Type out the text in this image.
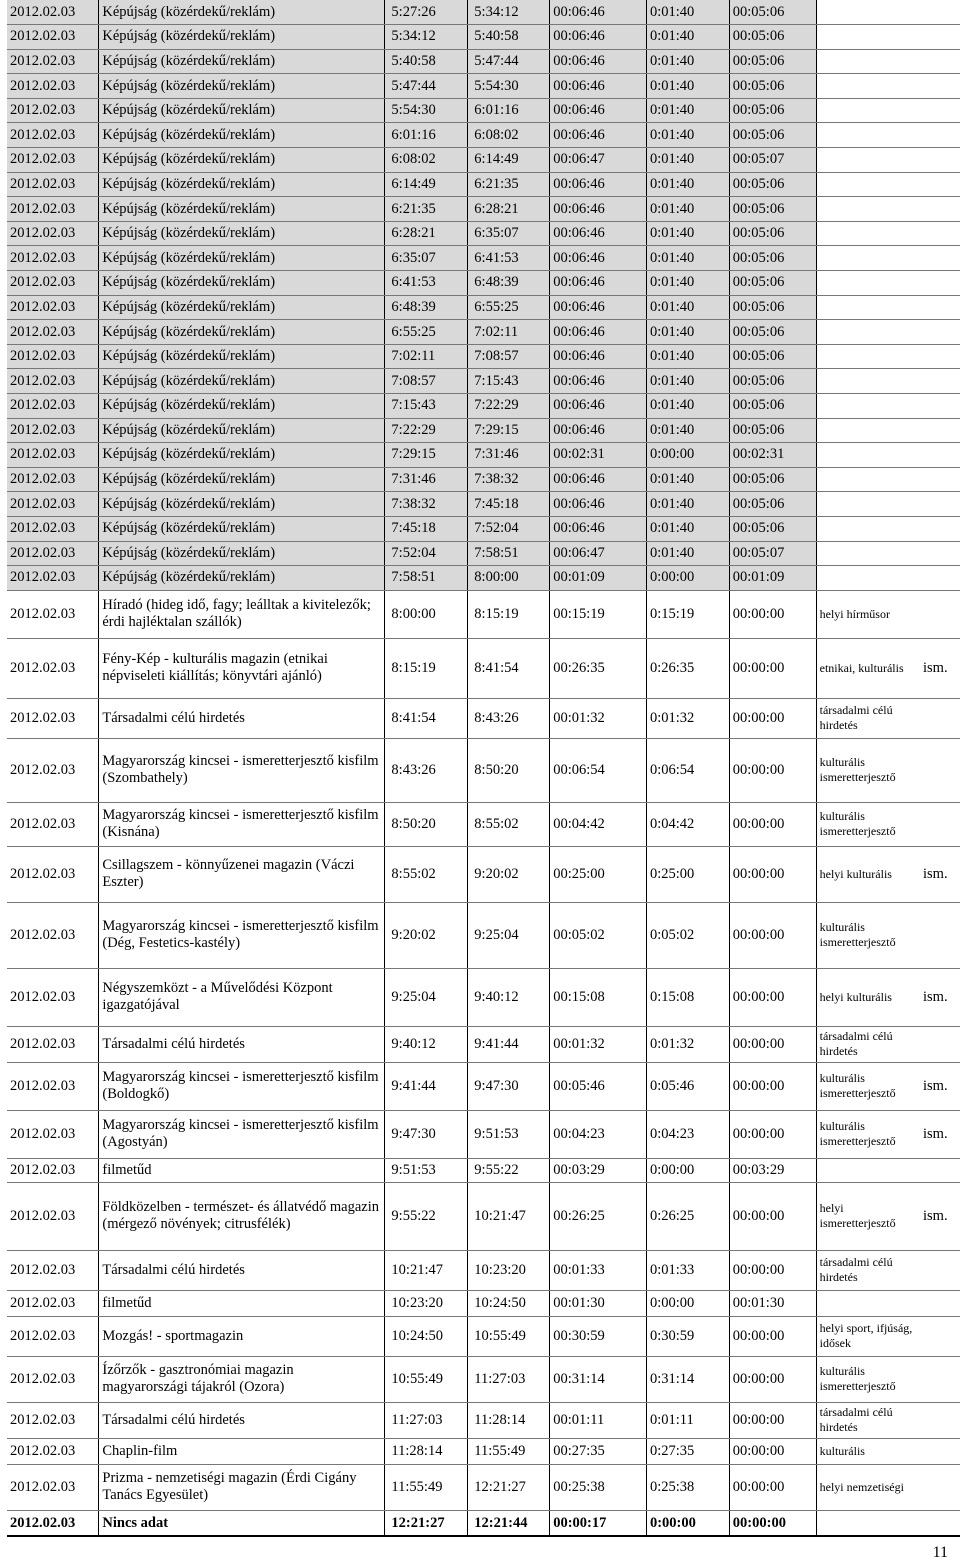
2012.02.03	Képújság (közérdekű/reklám)	5:27:26	5:34:12	00:06:46	0:01:40	00:05:06		
2012.02.03	Képújság (közérdekű/reklám)	5:34:12	5:40:58	00:06:46	0:01:40	00:05:06		
2012.02.03	Képújság (közérdekű/reklám)	5:40:58	5:47:44	00:06:46	0:01:40	00:05:06		
2012.02.03	Képújság (közérdekű/reklám)	5:47:44	5:54:30	00:06:46	0:01:40	00:05:06		
2012.02.03	Képújság (közérdekű/reklám)	5:54:30	6:01:16	00:06:46	0:01:40	00:05:06		
2012.02.03	Képújság (közérdekű/reklám)	6:01:16	6:08:02	00:06:46	0:01:40	00:05:06		
2012.02.03	Képújság (közérdekű/reklám)	6:08:02	6:14:49	00:06:47	0:01:40	00:05:07		
2012.02.03	Képújság (közérdekű/reklám)	6:14:49	6:21:35	00:06:46	0:01:40	00:05:06		
2012.02.03	Képújság (közérdekű/reklám)	6:21:35	6:28:21	00:06:46	0:01:40	00:05:06		
2012.02.03	Képújság (közérdekű/reklám)	6:28:21	6:35:07	00:06:46	0:01:40	00:05:06		
2012.02.03	Képújság (közérdekű/reklám)	6:35:07	6:41:53	00:06:46	0:01:40	00:05:06		
2012.02.03	Képújság (közérdekű/reklám)	6:41:53	6:48:39	00:06:46	0:01:40	00:05:06		
2012.02.03	Képújság (közérdekű/reklám)	6:48:39	6:55:25	00:06:46	0:01:40	00:05:06		
2012.02.03	Képújság (közérdekű/reklám)	6:55:25	7:02:11	00:06:46	0:01:40	00:05:06		
2012.02.03	Képújság (közérdekű/reklám)	7:02:11	7:08:57	00:06:46	0:01:40	00:05:06		
2012.02.03	Képújság (közérdekű/reklám)	7:08:57	7:15:43	00:06:46	0:01:40	00:05:06		
2012.02.03	Képújság (közérdekű/reklám)	7:15:43	7:22:29	00:06:46	0:01:40	00:05:06		
2012.02.03	Képújság (közérdekű/reklám)	7:22:29	7:29:15	00:06:46	0:01:40	00:05:06		
2012.02.03	Képújság (közérdekű/reklám)	7:29:15	7:31:46	00:02:31	0:00:00	00:02:31		
2012.02.03	Képújság (közérdekű/reklám)	7:31:46	7:38:32	00:06:46	0:01:40	00:05:06		
2012.02.03	Képújság (közérdekű/reklám)	7:38:32	7:45:18	00:06:46	0:01:40	00:05:06		
2012.02.03	Képújság (közérdekű/reklám)	7:45:18	7:52:04	00:06:46	0:01:40	00:05:06		
2012.02.03	Képújság (közérdekű/reklám)	7:52:04	7:58:51	00:06:47	0:01:40	00:05:07		
2012.02.03	Képújság (közérdekű/reklám)	7:58:51	8:00:00	00:01:09	0:00:00	00:01:09		
2012.02.03	Híradó (hideg idő, fagy; leálltak a kivitelezők; érdi hajléktalan szállók)	8:00:00	8:15:19	00:15:19	0:15:19	00:00:00	helyi hírműsor	
2012.02.03	Fény-Kép - kulturális magazin (etnikai népviseleti kiállítás; könyvtári ajánló)	8:15:19	8:41:54	00:26:35	0:26:35	00:00:00	etnikai, kulturális	ism.
2012.02.03	Társadalmi célú hirdetés	8:41:54	8:43:26	00:01:32	0:01:32	00:00:00	társadalmi célú hirdetés	
2012.02.03	Magyarország kincsei - ismeretterjesztő kisfilm (Szombathely)	8:43:26	8:50:20	00:06:54	0:06:54	00:00:00	kulturális ismeretterjesztő	
2012.02.03	Magyarország kincsei - ismeretterjesztő kisfilm (Kisnána)	8:50:20	8:55:02	00:04:42	0:04:42	00:00:00	kulturális ismeretterjesztő	
2012.02.03	Csillagszem - könnyűzenei magazin (Váczi Eszter)	8:55:02	9:20:02	00:25:00	0:25:00	00:00:00	helyi kulturális	ism.
2012.02.03	Magyarország kincsei - ismeretterjesztő kisfilm (Dég, Festetics-kastély)	9:20:02	9:25:04	00:05:02	0:05:02	00:00:00	kulturális ismeretterjesztő	
2012.02.03	Négyszemközt - a Művelődési Központ igazgatójával	9:25:04	9:40:12	00:15:08	0:15:08	00:00:00	helyi kulturális	ism.
2012.02.03	Társadalmi célú hirdetés	9:40:12	9:41:44	00:01:32	0:01:32	00:00:00	társadalmi célú hirdetés	
2012.02.03	Magyarország kincsei - ismeretterjesztő kisfilm (Boldogkő)	9:41:44	9:47:30	00:05:46	0:05:46	00:00:00	kulturális ismeretterjesztő	ism.
2012.02.03	Magyarország kincsei - ismeretterjesztő kisfilm (Agostyán)	9:47:30	9:51:53	00:04:23	0:04:23	00:00:00	kulturális ismeretterjesztő	ism.
2012.02.03	filmetűd	9:51:53	9:55:22	00:03:29	0:00:00	00:03:29		
2012.02.03	Földközelben - természet- és állatvédő magazin (mérgező növények; citrusfélék)	9:55:22	10:21:47	00:26:25	0:26:25	00:00:00	helyi ismeretterjesztő	ism.
2012.02.03	Társadalmi célú hirdetés	10:21:47	10:23:20	00:01:33	0:01:33	00:00:00	társadalmi célú hirdetés	
2012.02.03	filmetűd	10:23:20	10:24:50	00:01:30	0:00:00	00:01:30		
2012.02.03	Mozgás! - sportmagazin	10:24:50	10:55:49	00:30:59	0:30:59	00:00:00	helyi sport, ifjúság, idősek	
2012.02.03	Ízőrzők - gasztronómiai magazin magyarországi tájakról (Ozora)	10:55:49	11:27:03	00:31:14	0:31:14	00:00:00	kulturális ismeretterjesztő	
2012.02.03	Társadalmi célú hirdetés	11:27:03	11:28:14	00:01:11	0:01:11	00:00:00	társadalmi célú hirdetés	
2012.02.03	Chaplin-film	11:28:14	11:55:49	00:27:35	0:27:35	00:00:00	kulturális	
2012.02.03	Prizma - nemzetiségi magazin (Érdi Cigány Tanács Egyesület)	11:55:49	12:21:27	00:25:38	0:25:38	00:00:00	helyi nemzetiségi	
2012.02.03	Nincs adat	12:21:27	12:21:44	00:00:17	0:00:00	00:00:00		
11
